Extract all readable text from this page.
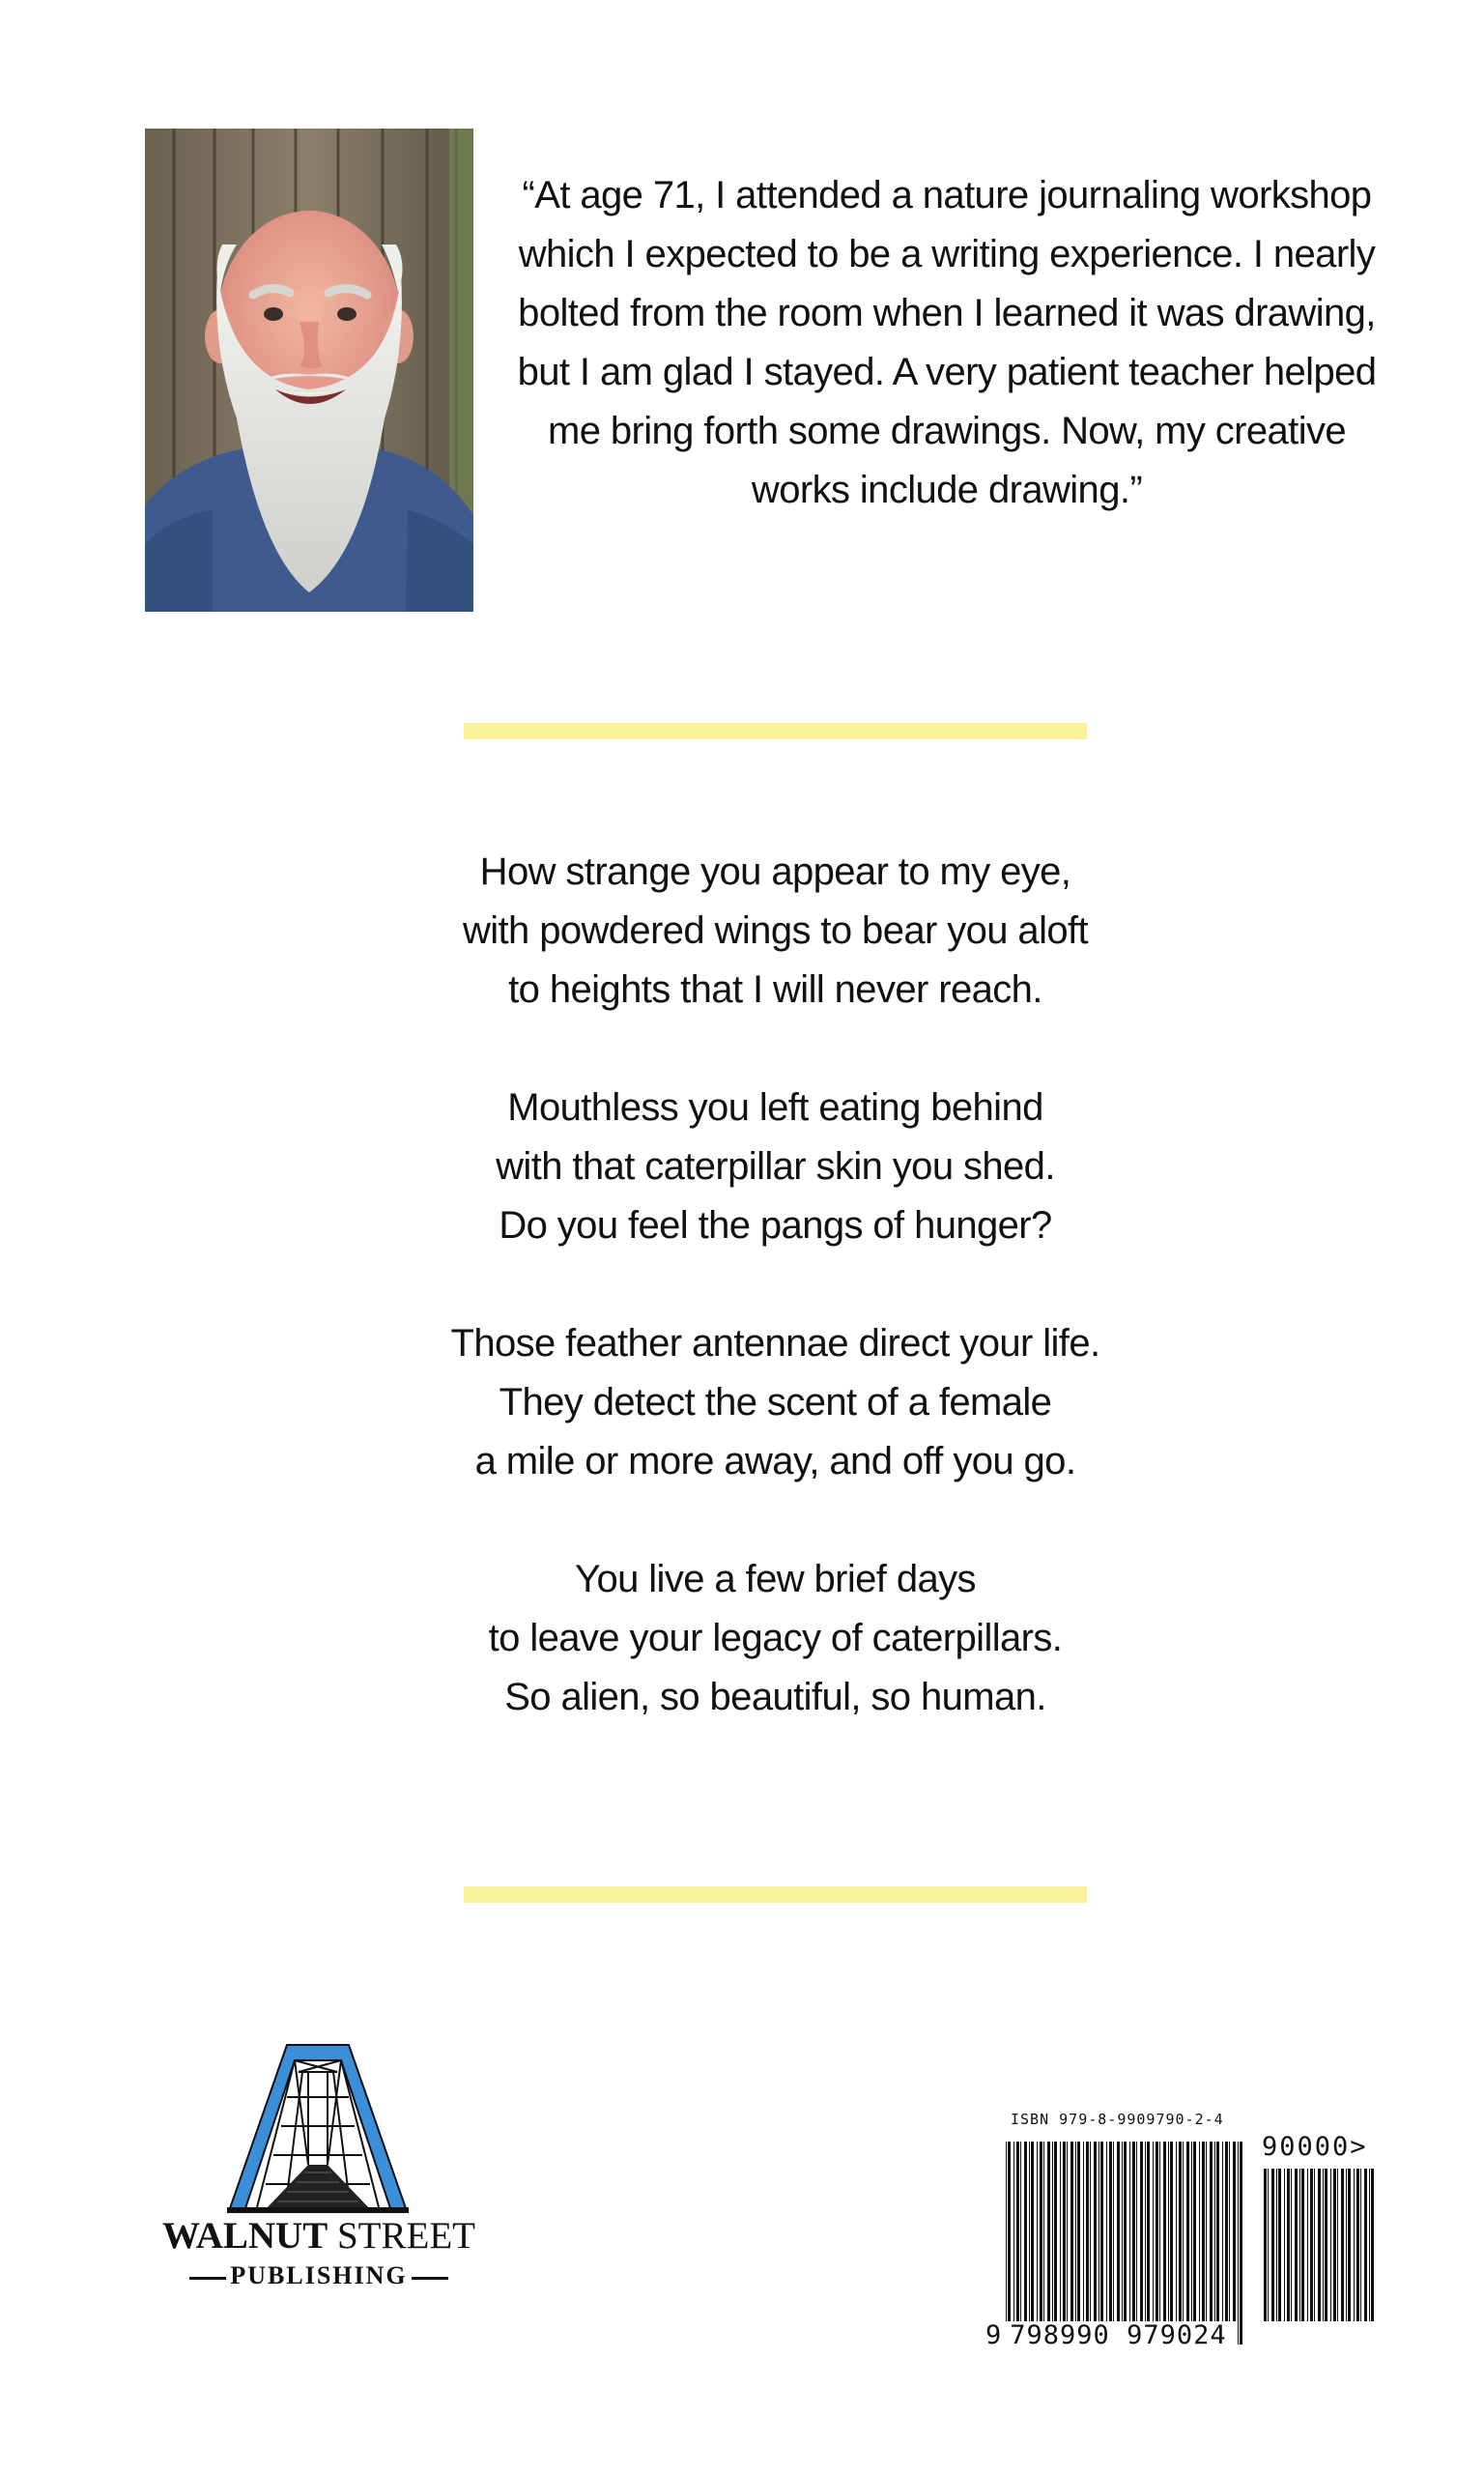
“At age 71, I attended a nature journaling workshop
which I expected to be a writing experience. I nearly
bolted from the room when I learned it was drawing,
but I am glad I stayed. A very patient teacher helped
me bring forth some drawings. Now, my creative
works include drawing.”

How strange you appear to my eye,
with powdered wings to bear you aloft
to heights that I will never reach.

Mouthless you left eating behind
with that caterpillar skin you shed.
Do you feel the pangs of hunger?

Those feather antennae direct your life.
They detect the scent of a female
a mile or more away, and off you go.

You live a few brief days
to leave your legacy of caterpillars.
So alien, so beautiful, so human.

WALNUT STREET
PUBLISHING
ISBN 979-8-9909790-2-4
90000>
9 798990 979024
